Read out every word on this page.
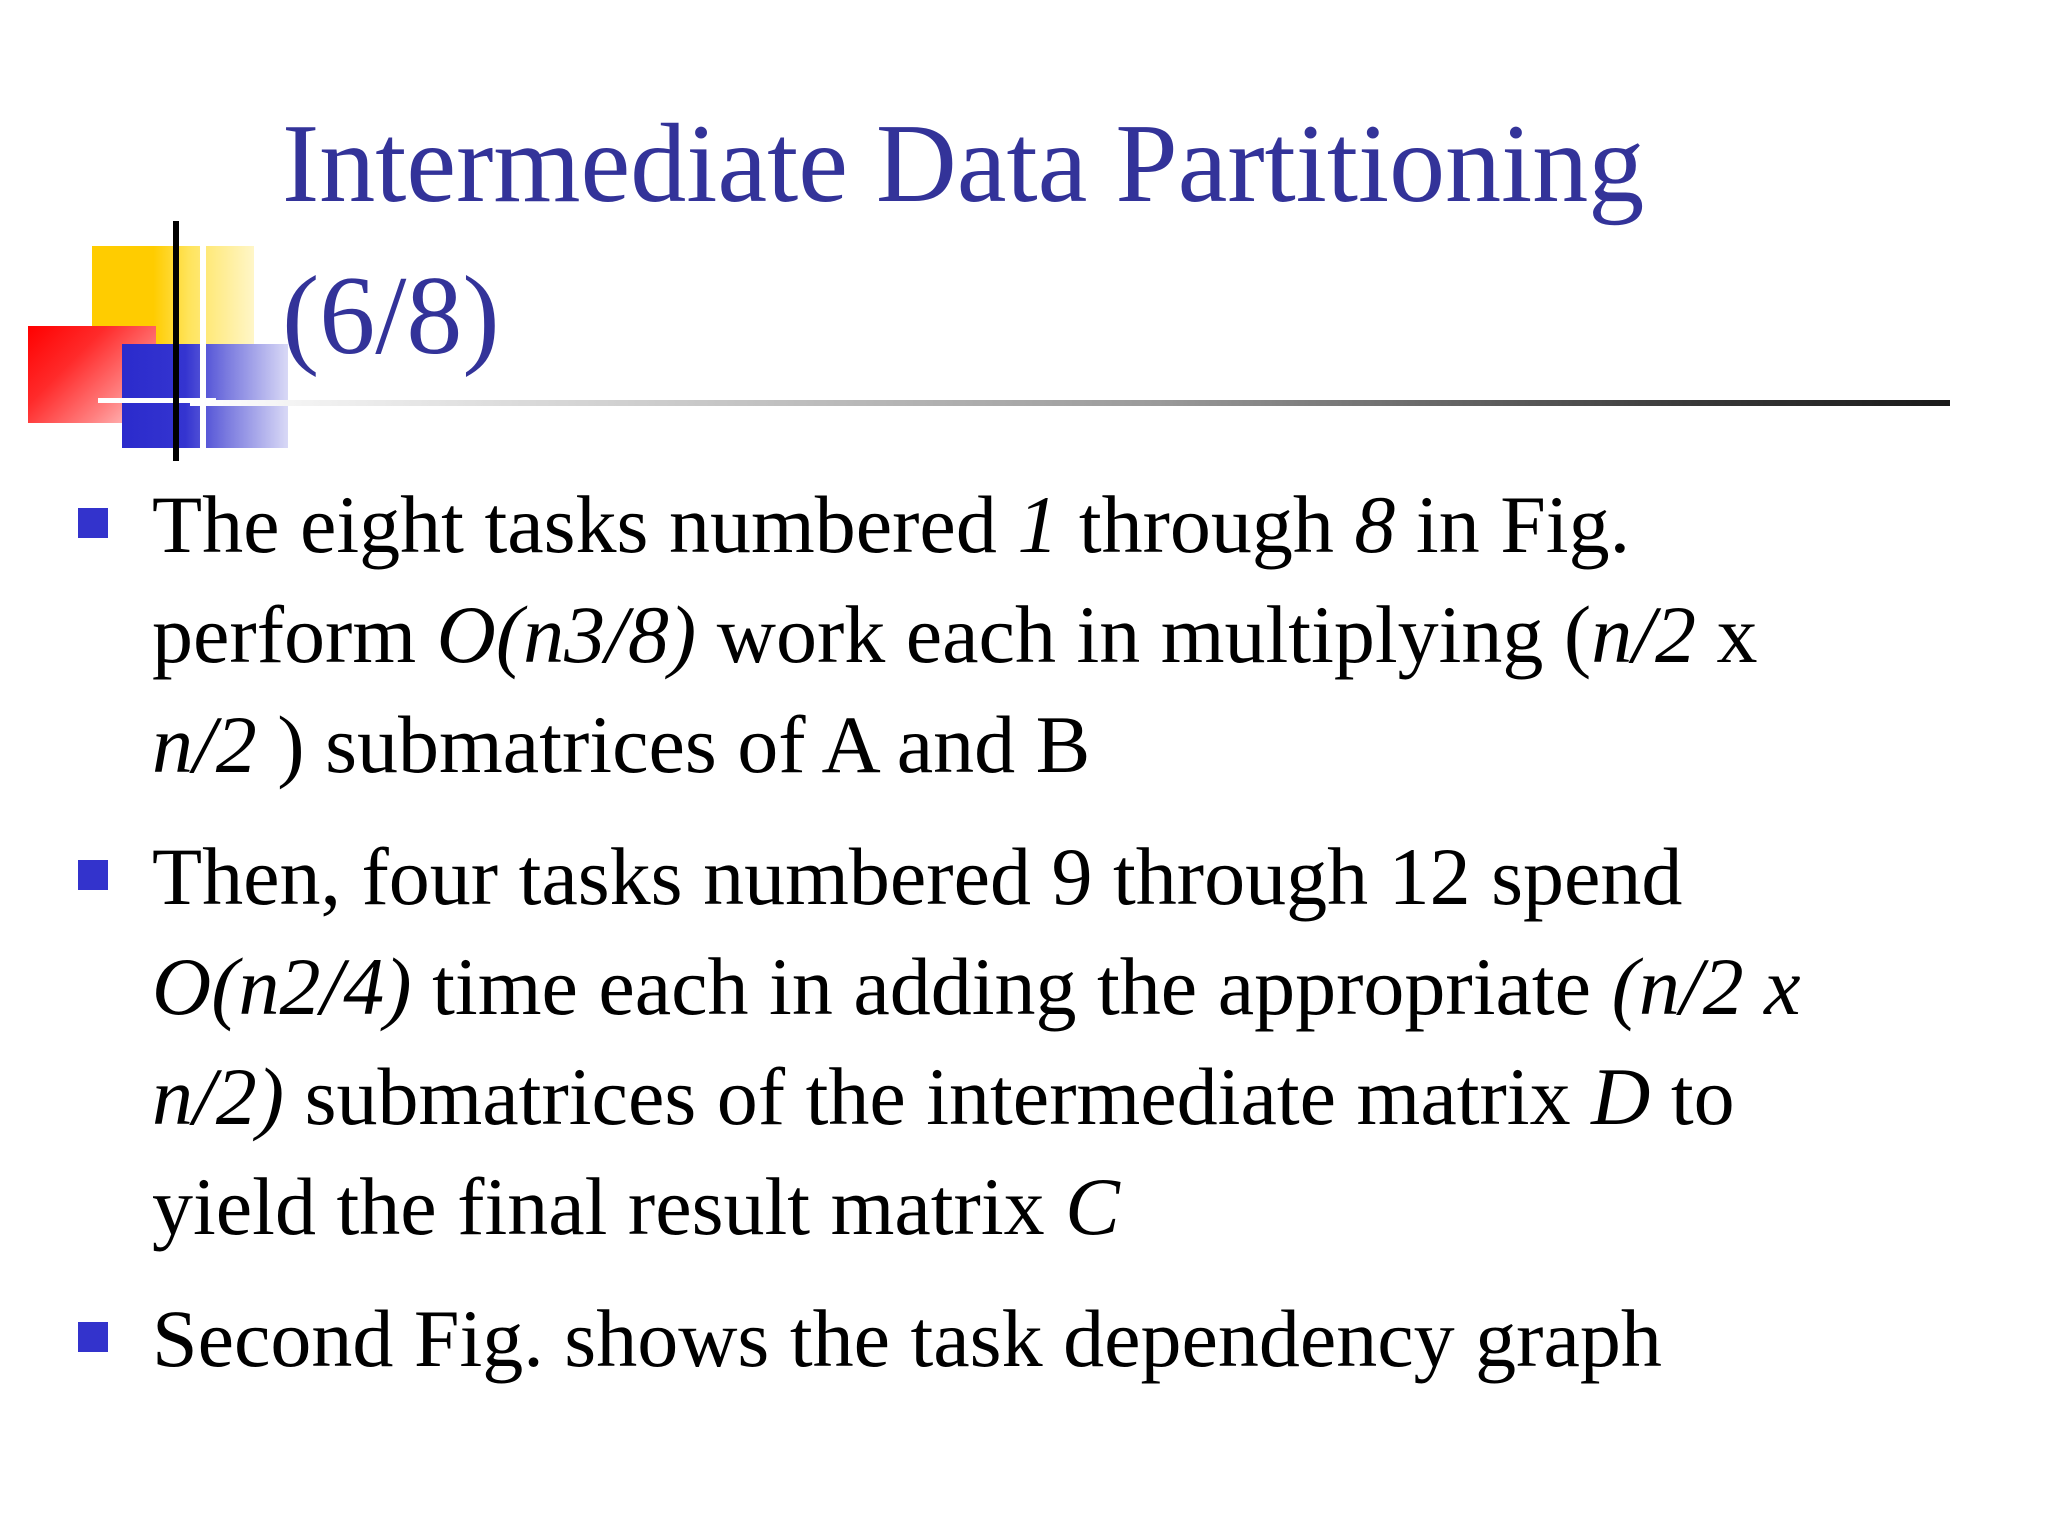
Intermediate Data Partitioning
(6/8)

The eight tasks numbered 1 through 8 in Fig.
perform O(n3/8) work each in multiplying (n/2 x
n/2 ) submatrices of A and B

Then, four tasks numbered 9 through 12 spend
O(n2/4) time each in adding the appropriate (n/2 x
n/2) submatrices of the intermediate matrix D to
yield the final result matrix C

Second Fig. shows the task dependency graph
